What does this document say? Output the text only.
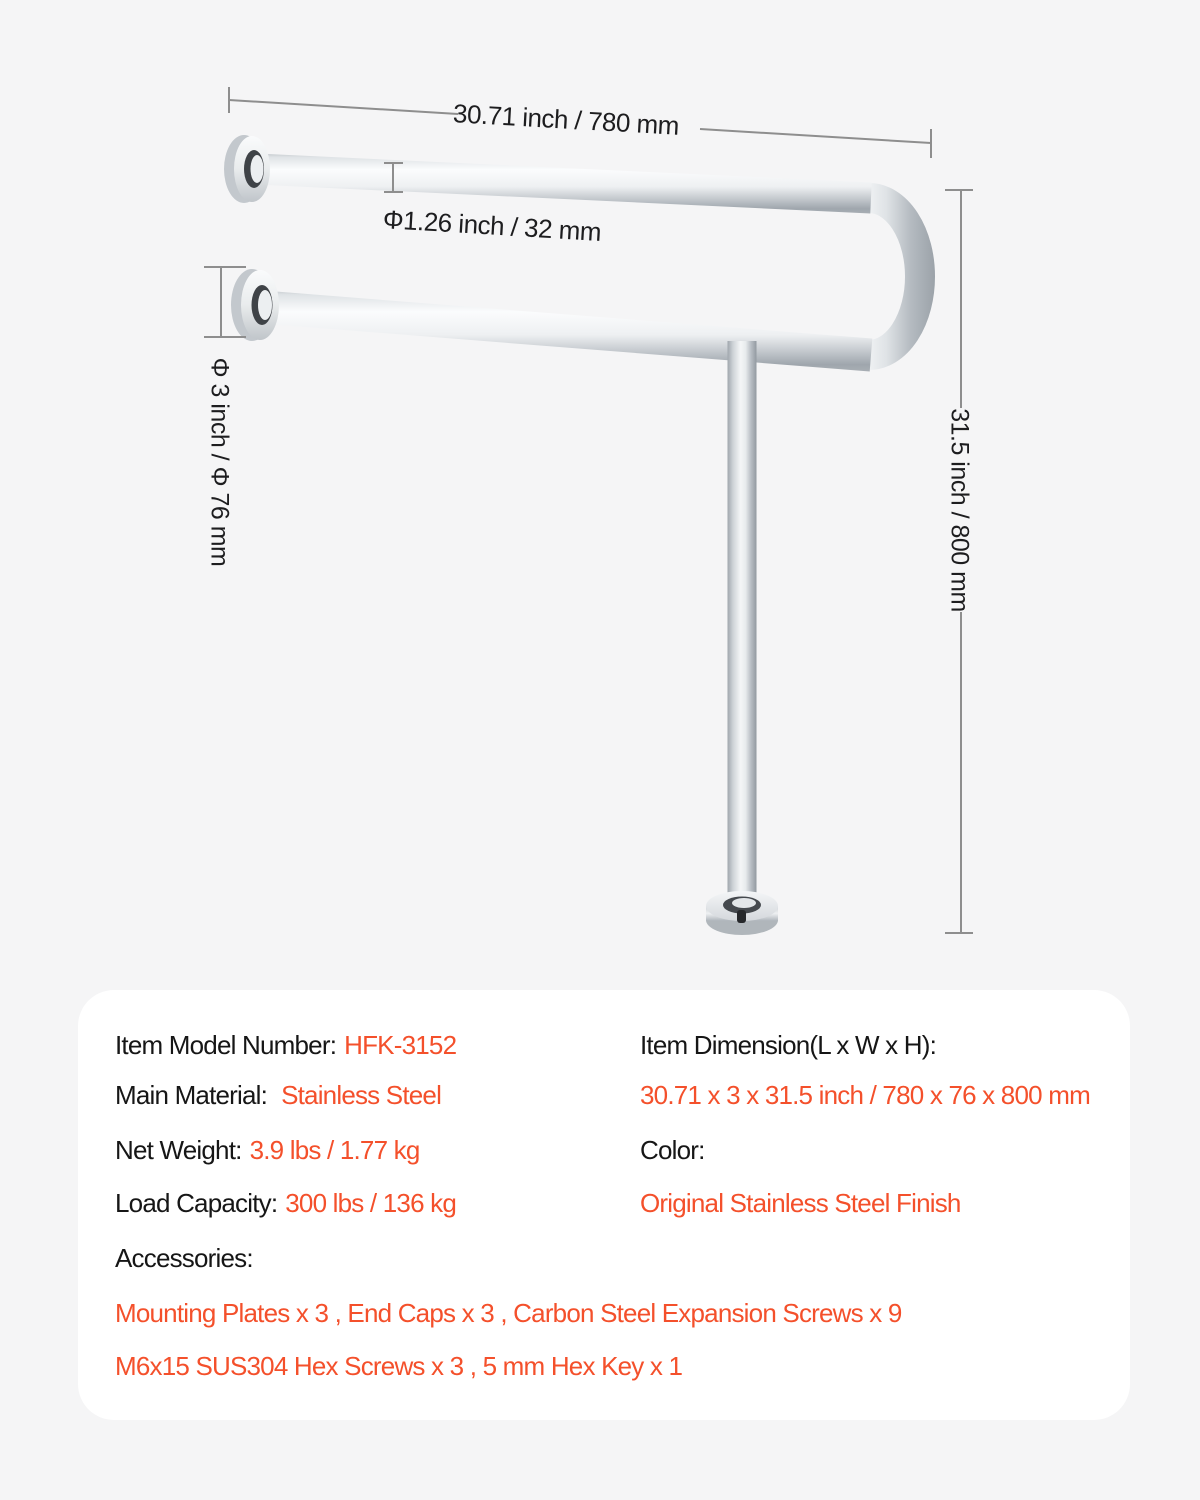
30.71 inch / 780 mm
Φ1.26 inch / 32 mm
Φ 3 inch / Φ 76 mm	31.5 inch / 800 mm
Item Model Number: HFK-3152
Main Material: Stainless Steel
Net Weight: 3.9 lbs / 1.77 kg
Load Capacity: 300 lbs / 136 kg
Accessories:
Mounting Plates x 3 , End Caps x 3 , Carbon Steel Expansion Screws x 9
M6x15 SUS304 Hex Screws x 3 , 5 mm Hex Key x 1
Item Dimension(L x W x H):
30.71 x 3 x 31.5 inch / 780 x 76 x 800 mm
Color:
Original Stainless Steel Finish
